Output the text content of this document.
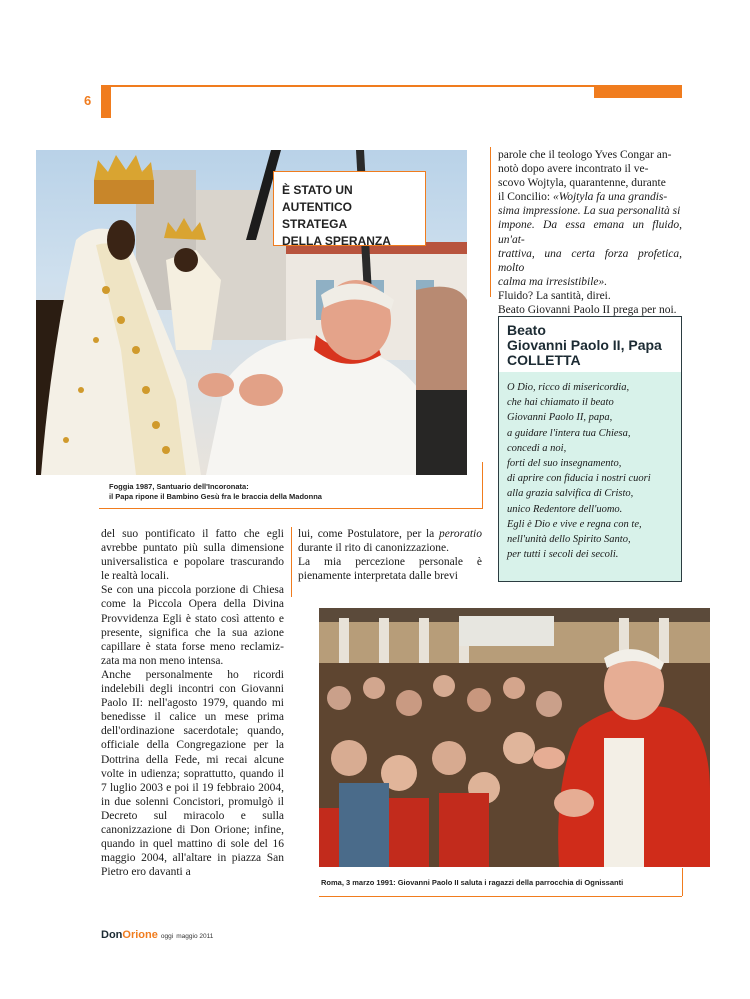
6
È STATO UN
AUTENTICO STRATEGA
DELLA SPERANZA
Foggia 1987, Santuario dell'Incoronata:
il Papa ripone il Bambino Gesù fra le braccia della Madonna
parole che il teologo Yves Congar an-
notò dopo avere incontrato il ve-
scovo Wojtyla, quarantenne, durante
il Concilio: «Wojtyla fa una grandis-
sima impressione. La sua personalità si
impone. Da essa emana un fluido, un'at-
trattiva, una certa forza profetica, molto
calma ma irresistibile».
Fluido? La santità, direi.
Beato Giovanni Paolo II prega per noi.
Beato
Giovanni Paolo II, Papa
COLLETTA
O Dio, ricco di misericordia,
che hai chiamato il beato
Giovanni Paolo II, papa,
a guidare l'intera tua Chiesa,
concedi a noi,
forti del suo insegnamento,
di aprire con fiducia i nostri cuori
alla grazia salvifica di Cristo,
unico Redentore dell'uomo.
Egli è Dio e vive e regna con te,
nell'unità dello Spirito Santo,
per tutti i secoli dei secoli.

del suo pontificato il fatto che egli avrebbe puntato più sulla dimensione universalistica e popolare trascurando le realtà locali.

Se con una piccola porzione di Chiesa come la Piccola Opera della Divina Provvidenza Egli è stato così attento e presente, significa che la sua azione capillare è stata forse meno reclamiz-zata ma non meno intensa.

Anche personalmente ho ricordi indelebili degli incontri con Giovanni Paolo II: nell'agosto 1979, quando mi benedisse il calice un mese prima dell'ordinazione sacerdotale; quando, officiale della Congregazione per la Dottrina della Fede, mi recai alcune volte in udienza; soprattutto, quando il 7 luglio 2003 e poi il 19 febbraio 2004, in due solenni Concistori, promulgò il Decreto sul miracolo e sulla canonizzazione di Don Orione; infine, quando in quel mattino di sole del 16 maggio 2004, all'altare in piazza San Pietro ero davanti a

lui, come Postulatore, per la peroratio durante il rito di canonizzazione.

La mia percezione personale è pienamente interpretata dalle brevi

Roma, 3 marzo 1991: Giovanni Paolo II saluta i ragazzi della parrocchia di Ognissanti
DonOrione oggi maggio 2011
